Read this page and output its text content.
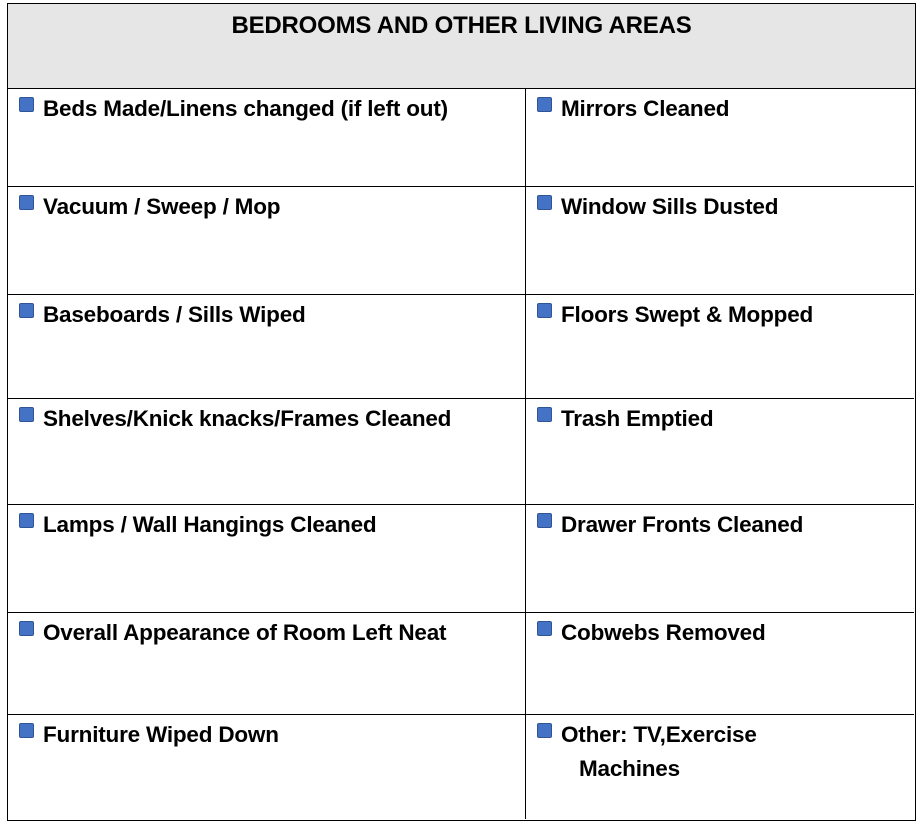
BEDROOMS AND OTHER LIVING AREAS
Beds Made/Linens changed (if left out)	Mirrors Cleaned
Vacuum / Sweep / Mop	Window Sills Dusted
Baseboards / Sills Wiped	Floors Swept & Mopped
Shelves/Knick knacks/Frames Cleaned	Trash Emptied
Lamps / Wall Hangings Cleaned	Drawer Fronts Cleaned
Overall Appearance of Room Left Neat	Cobwebs Removed
Furniture Wiped Down	Other: TV,Exercise
Machines
